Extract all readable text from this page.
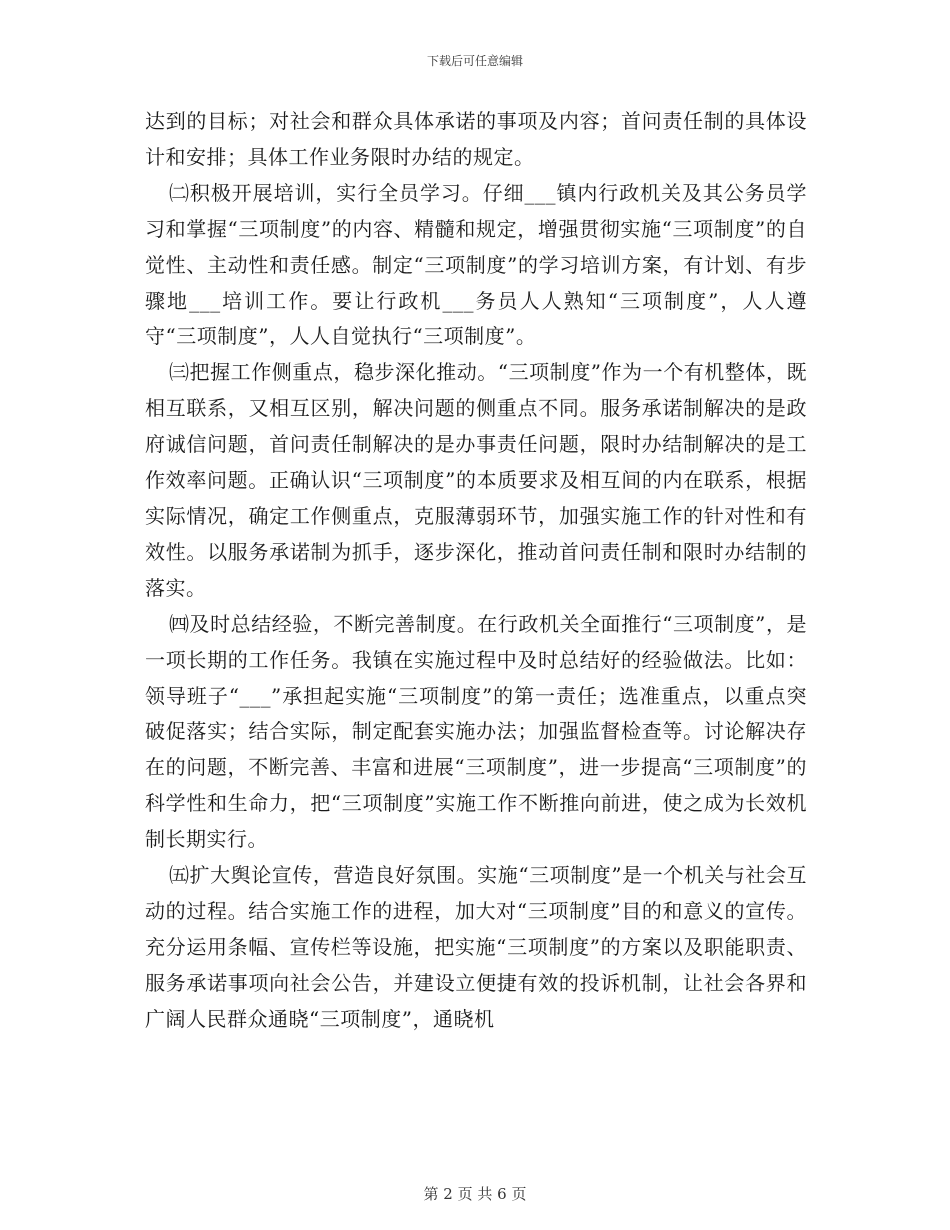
下载后可任意编辑

达到的目标；对社会和群众具体承诺的事项及内容；首问责任制的具体设计和安排；具体工作业务限时办结的规定。

㈡积极开展培训，实行全员学习。仔细___镇内行政机关及其公务员学习和掌握“三项制度”的内容、精髓和规定，增强贯彻实施“三项制度”的自觉性、主动性和责任感。制定“三项制度”的学习培训方案，有计划、有步骤地___培训工作。要让行政机___务员人人熟知“三项制度”，人人遵守“三项制度”，人人自觉执行“三项制度”。

㈢把握工作侧重点，稳步深化推动。“三项制度”作为一个有机整体，既相互联系，又相互区别，解决问题的侧重点不同。服务承诺制解决的是政府诚信问题，首问责任制解决的是办事责任问题，限时办结制解决的是工作效率问题。正确认识“三项制度”的本质要求及相互间的内在联系，根据实际情况，确定工作侧重点，克服薄弱环节，加强实施工作的针对性和有效性。以服务承诺制为抓手，逐步深化，推动首问责任制和限时办结制的落实。

㈣及时总结经验，不断完善制度。在行政机关全面推行“三项制度”，是一项长期的工作任务。我镇在实施过程中及时总结好的经验做法。比如：领导班子“___”承担起实施“三项制度”的第一责任；选准重点，以重点突破促落实；结合实际，制定配套实施办法；加强监督检查等。讨论解决存在的问题，不断完善、丰富和进展“三项制度”，进一步提高“三项制度”的科学性和生命力，把“三项制度”实施工作不断推向前进，使之成为长效机制长期实行。

㈤扩大舆论宣传，营造良好氛围。实施“三项制度”是一个机关与社会互动的过程。结合实施工作的进程，加大对“三项制度”目的和意义的宣传。充分运用条幅、宣传栏等设施，把实施“三项制度”的方案以及职能职责、服务承诺事项向社会公告，并建设立便捷有效的投诉机制，让社会各界和广阔人民群众通晓“三项制度”，通晓机

第 2 页 共 6 页
